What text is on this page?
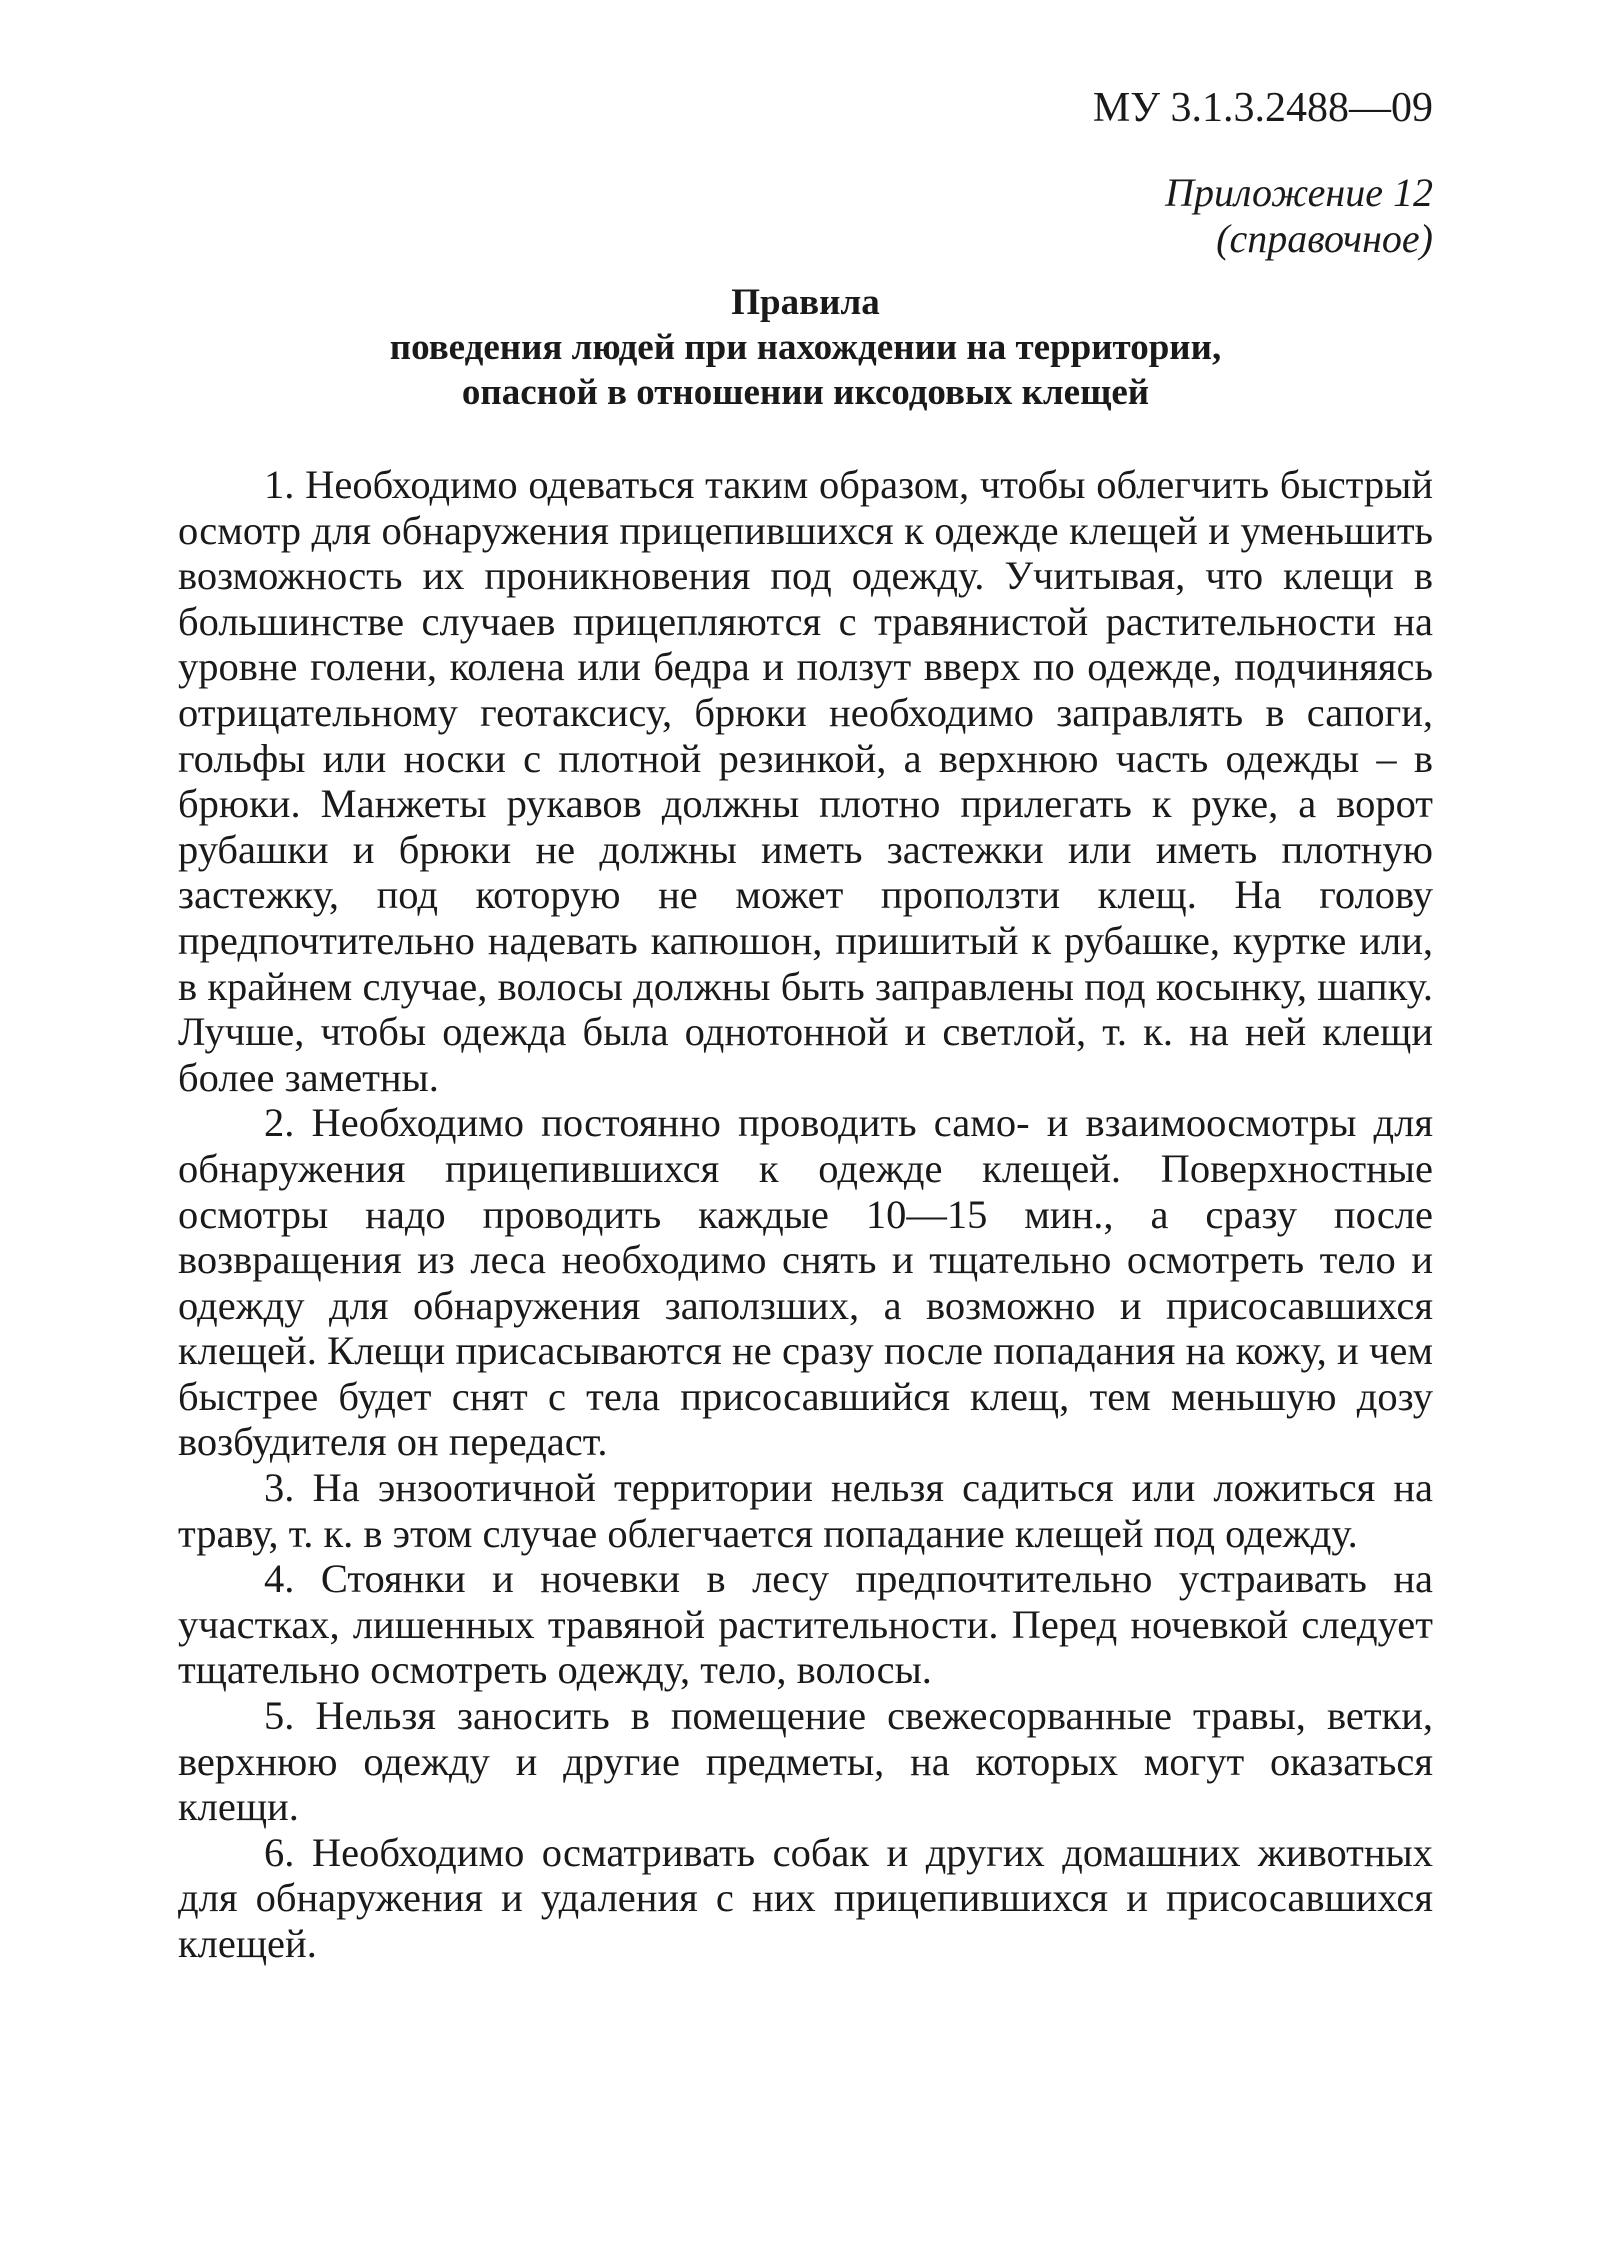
МУ 3.1.3.2488—09
Приложение 12
(справочное)
Правила
поведения людей при нахождении на территории,
опасной в отношении иксодовых клещей

1. Необходимо одеваться таким образом, чтобы облегчить быстрый осмотр для обнаружения прицепившихся к одежде клещей и уменьшить возможность их проникновения под одежду. Учитывая, что клещи в большинстве случаев прицепляются с травянистой растительности на уровне голени, колена или бедра и ползут вверх по одежде, подчиняясь отрицательному геотаксису, брюки необходимо заправлять в сапоги, гольфы или носки с плотной резинкой, а верхнюю часть одежды – в брюки. Манжеты рукавов должны плотно прилегать к руке, а ворот рубашки и брюки не должны иметь застежки или иметь плотную застежку, под которую не может проползти клещ. На голову предпочтительно надевать капюшон, пришитый к рубашке, куртке или, в крайнем случае, волосы должны быть заправлены под косынку, шапку. Лучше, чтобы одежда была однотонной и светлой, т. к. на ней клещи более заметны.

2. Необходимо постоянно проводить само- и взаимоосмотры для обнаружения прицепившихся к одежде клещей. Поверхностные осмотры надо проводить каждые 10—15 мин., а сразу после возвращения из леса необходимо снять и тщательно осмотреть тело и одежду для обнаружения заползших, а возможно и присосавшихся клещей. Клещи присасываются не сразу после попадания на кожу, и чем быстрее будет снят с тела присосавшийся клещ, тем меньшую дозу возбудителя он передаст.

3. На энзоотичной территории нельзя садиться или ложиться на траву, т. к. в этом случае облегчается попадание клещей под одежду.

4. Стоянки и ночевки в лесу предпочтительно устраивать на участках, лишенных травяной растительности. Перед ночевкой следует тщательно осмотреть одежду, тело, волосы.

5. Нельзя заносить в помещение свежесорванные травы, ветки, верхнюю одежду и другие предметы, на которых могут оказаться клещи.

6. Необходимо осматривать собак и других домашних животных для обнаружения и удаления с них прицепившихся и присосавшихся клещей.
